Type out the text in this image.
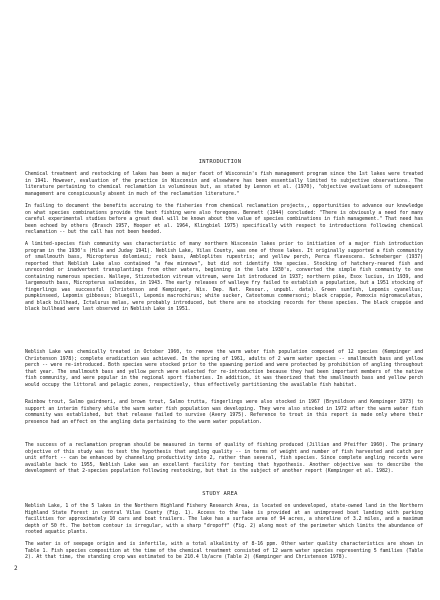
INTRODUCTION

Chemical treatment and restocking of lakes has been a major facet of Wisconsin's fish management program since the 1st lakes were treated in 1941. However, evaluation of the practice in Wisconsin and elsewhere has been essentially limited to subjective observations. The literature pertaining to chemical reclamation is voluminous but, as stated by Lennon et al. (1970), "objective evaluations of subsequent management are conspicuously absent in much of the reclamation literature."

In failing to document the benefits accruing to the fisheries from chemical reclamation projects,, opportunities to advance our knowledge on what species combinations provide the best fishing were also foregone. Bennett (1944) concluded: "There is obviously a need for many careful experimental studies before a great deal will be known about the value of species combinations in fish management." That need has been echoed by others (Brasch 1957, Hooper et al. 1964, Klingbiel 1975) specifically with respect to introductions following chemical reclamation -- but the call has not been heeded.

A limited-species fish community was characteristic of many northern Wisconsin lakes prior to initiation of a major fish introduction program in the 1930's (Hile and Juday 1941). Neblish Lake, Vilas County, was one of those lakes. It originally supported a fish community of smallmouth bass, Micropterus dolomieui; rock bass, Ambloplites rupestris; and yellow perch, Perca flavescens. Schneberger (1937) reported that Neblish Lake also contained "a few minnows", but did not identify the species. Stocking of hatchery-reared fish and unrecorded or inadvertent transplantings from other waters, beginning in the late 1930's, converted the simple fish community to one containing numerous species. Walleye, Stizostedion vitreum vitreum, were 1st introduced in 1937; northern pike, Esox lucius, in 1939, and largemouth bass, Micropterus salmoides, in 1943. The early releases of walleye fry failed to establish a population, but a 1951 stocking of fingerlings was successful (Christenson and Kempinger, Wis. Dep. Nat. Resour., unpubl. data). Green sunfish, Lepomis cyanellus; pumpkinseed, Lepomis gibbosus; bluegill, Lepomis macrochirus; white sucker, Catostomus commersoni; black crappie, Pomoxis nigromaculatus, and black bullhead, Ictalurus melas, were probably introduced, but there are no stocking records for these species. The black crappie and black bullhead were last observed in Neblish Lake in 1951.

Neblish Lake was chemically treated in October 1960, to remove the warm water fish population composed of 12 species (Kempinger and Christenson 1978); complete eradication was achieved. In the spring of 1961, adults of 2 warm water species -- smallmouth bass and yellow perch -- were re-introduced. Both species were stocked prior to the spawning period and were protected by prohibition of angling throughout that year. The smallmouth bass and yellow perch were selected for re-introduction because they had been important members of the native fish community, and were popular in the regional sport fisheries. In addition, it was theorized that the smallmouth bass and yellow perch would occupy the littoral and pelagic zones, respectively, thus effectively partitioning the available fish habitat.

Rainbow trout, Salmo gairdneri, and brown trout, Salmo trutta, fingerlings were also stocked in 1967 (Brynildson and Kempinger 1973) to support an interim fishery while the warm water fish population was developing. They were also stocked in 1972 after the warm water fish community was established, but that release failed to survive (Avery 1975). Reference to trout in this report is made only where their presence had an effect on the angling data pertaining to the warm water population.

The success of a reclamation program should be measured in terms of quality of fishing produced (Jillian and Pfeiffer 1960). The primary objective of this study was to test the hypothesis that angling quality -- in terms of weight and number of fish harvested and catch per unit effort -- can be enhanced by channeling productivity into 2, rather than several, fish species. Since complete angling records were available back to 1955, Neblish Lake was an excellent facility for testing that hypothesis. Another objective was to describe the development of that 2-species population following restocking, but that is the subject of another report (Kempinger et al. 1982).

STUDY AREA

Neblish Lake, 1 of the 5 lakes in the Northern Highland Fishery Research Area, is located on undeveloped, state-owned land in the Northern Highland State Forest in central Vilas County (Fig. 1). Access to the lake is provided at an unimproved boat landing with parking facilities for approximately 10 cars and boat trailers. The lake has a surface area of 94 acres, a shoreline of 3.2 miles, and a maximum depth of 50 ft. The bottom contour is irregular, with a sharp "dropoff" (Fig. 2) along most of the perimeter which limits the abundance of rooted aquatic plants.

The water is of seepage origin and is infertile, with a total alkalinity of 8-16 ppm. Other water quality characteristics are shown in Table 1. Fish species composition at the time of the chemical treatment consisted of 12 warm water species representing 5 families (Table 2). At that time, the standing crop was estimated to be 210.4 lb/acre (Table 2) (Kempinger and Christenson 1978).

2
